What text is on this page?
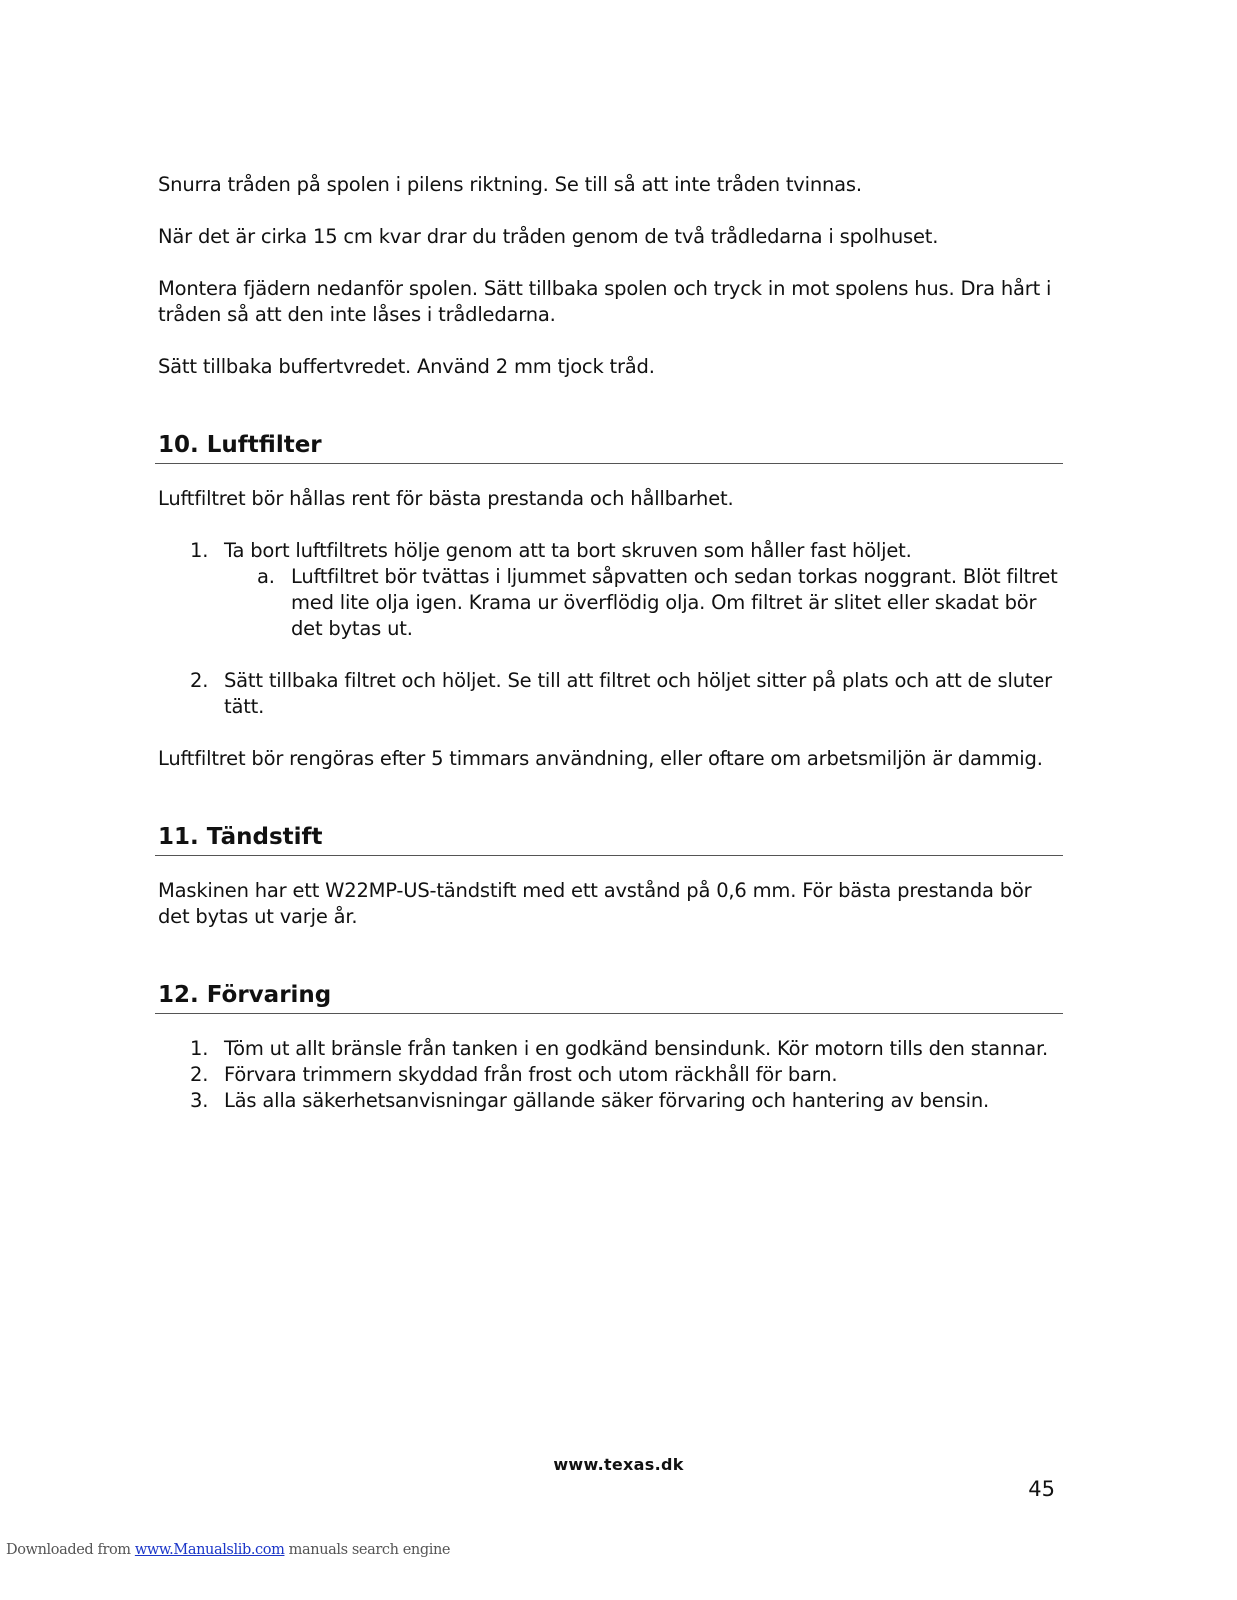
Snurra tråden på spolen i pilens riktning. Se till så att inte tråden tvinnas.

När det är cirka 15 cm kvar drar du tråden genom de två trådledarna i spolhuset.

Montera fjädern nedanför spolen. Sätt tillbaka spolen och tryck in mot spolens hus. Dra hårt i tråden så att den inte låses i trådledarna.

Sätt tillbaka buffertvredet. Använd 2 mm tjock tråd.

10. Luftfilter

Luftfiltret bör hållas rent för bästa prestanda och hållbarhet.

1. Ta bort luftfiltrets hölje genom att ta bort skruven som håller fast höljet.
a. Luftfiltret bör tvättas i ljummet såpvatten och sedan torkas noggrant. Blöt filtret med lite olja igen. Krama ur överflödig olja. Om filtret är slitet eller skadat bör det bytas ut.
2. Sätt tillbaka filtret och höljet. Se till att filtret och höljet sitter på plats och att de sluter tätt.

Luftfiltret bör rengöras efter 5 timmars användning, eller oftare om arbetsmiljön är dammig.

11. Tändstift

Maskinen har ett W22MP-US-tändstift med ett avstånd på 0,6 mm. För bästa prestanda bör det bytas ut varje år.

12. Förvaring
1. Töm ut allt bränsle från tanken i en godkänd bensindunk. Kör motorn tills den stannar.
2. Förvara trimmern skyddad från frost och utom räckhåll för barn.
3. Läs alla säkerhetsanvisningar gällande säker förvaring och hantering av bensin.
www.texas.dk
45
Downloaded from www.Manualslib.com manuals search engine
